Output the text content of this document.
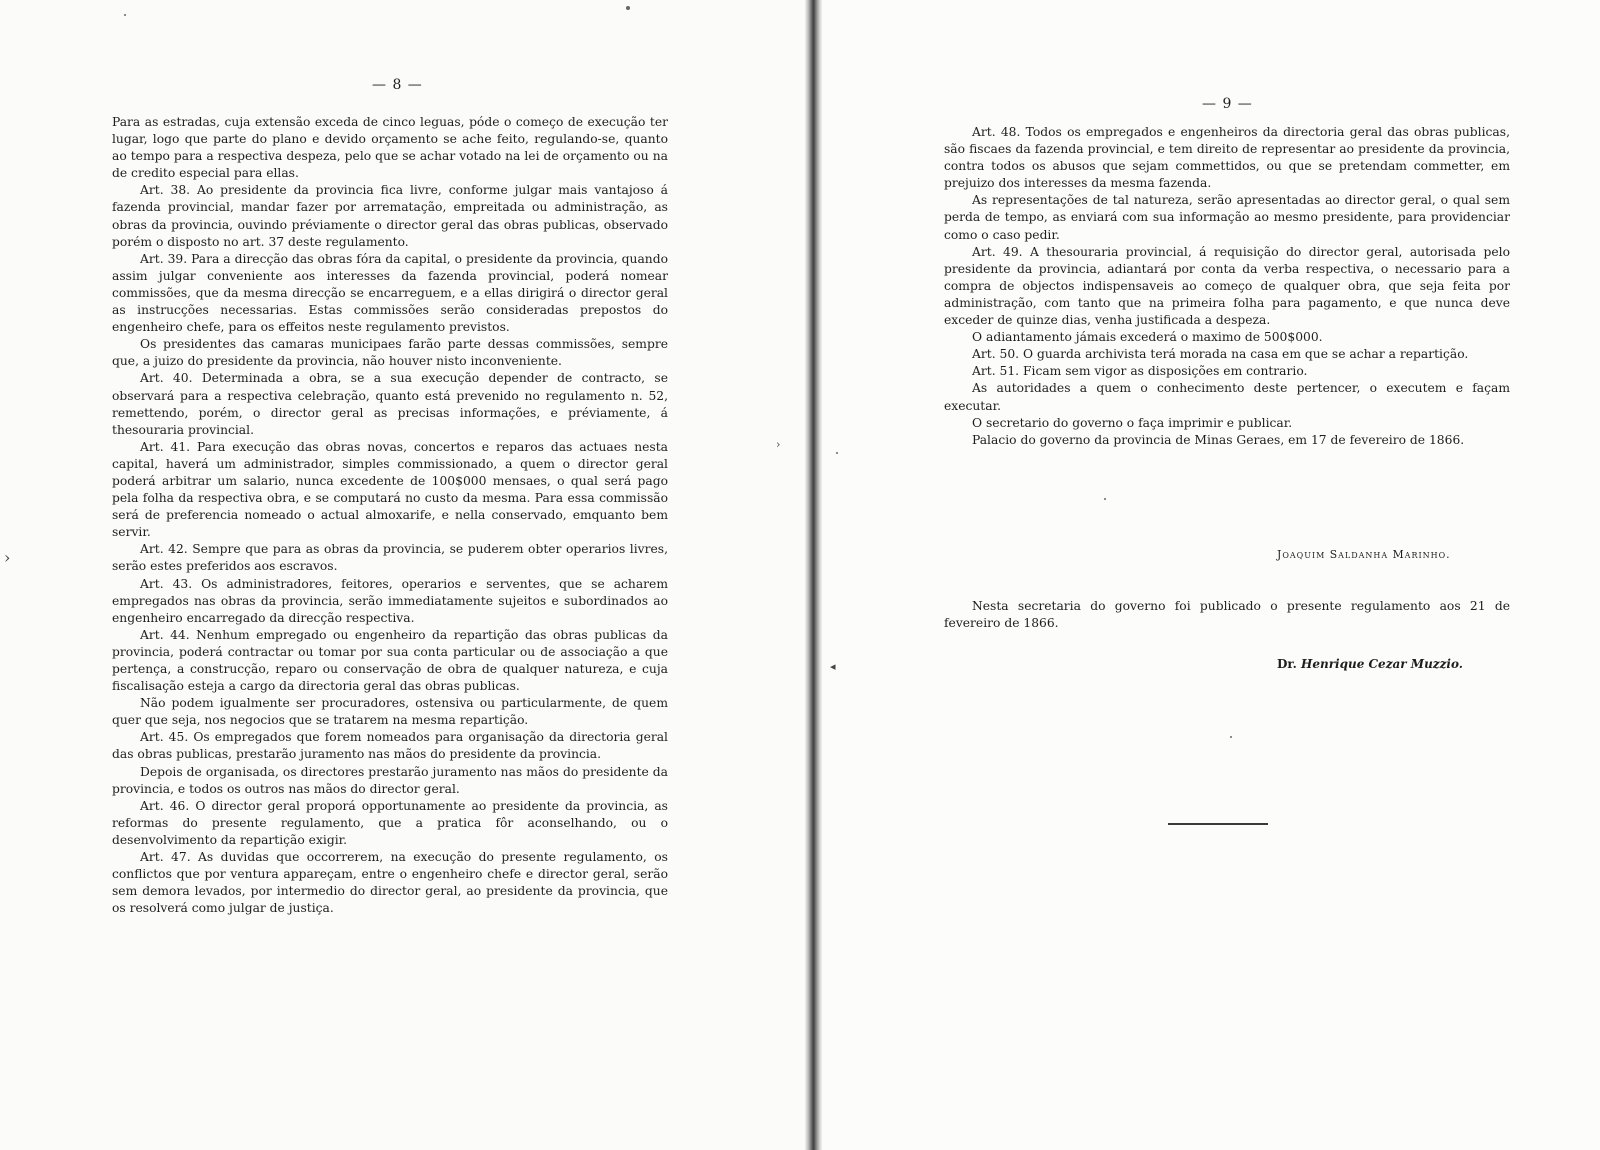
— 8 —

Para as estradas, cuja extensão exceda de cinco leguas, póde o começo de execução ter lugar, logo que parte do plano e devido orçamento se ache feito, regulando-se, quanto ao tempo para a respectiva despeza, pelo que se achar votado na lei de orçamento ou na de credito especial para ellas.

Art. 38. Ao presidente da provincia fica livre, conforme julgar mais vantajoso á fazenda provincial, mandar fazer por arrematação, empreitada ou administração, as obras da provincia, ouvindo préviamente o director geral das obras publicas, observado porém o disposto no art. 37 deste regulamento.

Art. 39. Para a direcção das obras fóra da capital, o presidente da provincia, quando assim julgar conveniente aos interesses da fazenda provincial, poderá nomear commissões, que da mesma direcção se encarreguem, e a ellas dirigirá o director geral as instrucções necessarias. Estas commissões serão consideradas prepostos do engenheiro chefe, para os effeitos neste regulamento previstos.

Os presidentes das camaras municipaes farão parte dessas commissões, sempre que, a juizo do presidente da provincia, não houver nisto inconveniente.

Art. 40. Determinada a obra, se a sua execução depender de contracto, se observará para a respectiva celebração, quanto está prevenido no regulamento n. 52, remettendo, porém, o director geral as precisas informações, e préviamente, á thesouraria provincial.

Art. 41. Para execução das obras novas, concertos e reparos das actuaes nesta capital, haverá um administrador, simples commissionado, a quem o director geral poderá arbitrar um salario, nunca excedente de 100$000 mensaes, o qual será pago pela folha da respectiva obra, e se computará no custo da mesma. Para essa commissão será de preferencia nomeado o actual almoxarife, e nella conservado, emquanto bem servir.

Art. 42. Sempre que para as obras da provincia, se puderem obter operarios livres, serão estes preferidos aos escravos.

Art. 43. Os administradores, feitores, operarios e serventes, que se acharem empregados nas obras da provincia, serão immediatamente sujeitos e subordinados ao engenheiro encarregado da direcção respectiva.

Art. 44. Nenhum empregado ou engenheiro da repartição das obras publicas da provincia, poderá contractar ou tomar por sua conta particular ou de associação a que pertença, a construcção, reparo ou conservação de obra de qualquer natureza, e cuja fiscalisação esteja a cargo da directoria geral das obras publicas.

Não podem igualmente ser procuradores, ostensiva ou particularmente, de quem quer que seja, nos negocios que se tratarem na mesma repartição.

Art. 45. Os empregados que forem nomeados para organisação da directoria geral das obras publicas, prestarão juramento nas mãos do presidente da provincia.

Depois de organisada, os directores prestarão juramento nas mãos do presidente da provincia, e todos os outros nas mãos do director geral.

Art. 46. O director geral proporá opportunamente ao presidente da provincia, as reformas do presente regulamento, que a pratica fôr aconselhando, ou o desenvolvimento da repartição exigir.

Art. 47. As duvidas que occorrerem, na execução do presente regulamento, os conflictos que por ventura appareçam, entre o engenheiro chefe e director geral, serão sem demora levados, por intermedio do director geral, ao presidente da provincia, que os resolverá como julgar de justiça.

— 9 —

Art. 48. Todos os empregados e engenheiros da directoria geral das obras publicas, são fiscaes da fazenda provincial, e tem direito de representar ao presidente da provincia, contra todos os abusos que sejam commettidos, ou que se pretendam commetter, em prejuizo dos interesses da mesma fazenda.

As representações de tal natureza, serão apresentadas ao director geral, o qual sem perda de tempo, as enviará com sua informação ao mesmo presidente, para providenciar como o caso pedir.

Art. 49. A thesouraria provincial, á requisição do director geral, autorisada pelo presidente da provincia, adiantará por conta da verba respectiva, o necessario para a compra de objectos indispensaveis ao começo de qualquer obra, que seja feita por administração, com tanto que na primeira folha para pagamento, e que nunca deve exceder de quinze dias, venha justificada a despeza.

O adiantamento jámais excederá o maximo de 500$000.

Art. 50. O guarda archivista terá morada na casa em que se achar a repartição.

Art. 51. Ficam sem vigor as disposições em contrario.

As autoridades a quem o conhecimento deste pertencer, o executem e façam executar.

O secretario do governo o faça imprimir e publicar.

Palacio do governo da provincia de Minas Geraes, em 17 de fevereiro de 1866.

Joaquim Saldanha Marinho.

Nesta secretaria do governo foi publicado o presente regulamento aos 21 de fevereiro de 1866.

Dr. Henrique Cezar Muzzio.
›
◂
›
